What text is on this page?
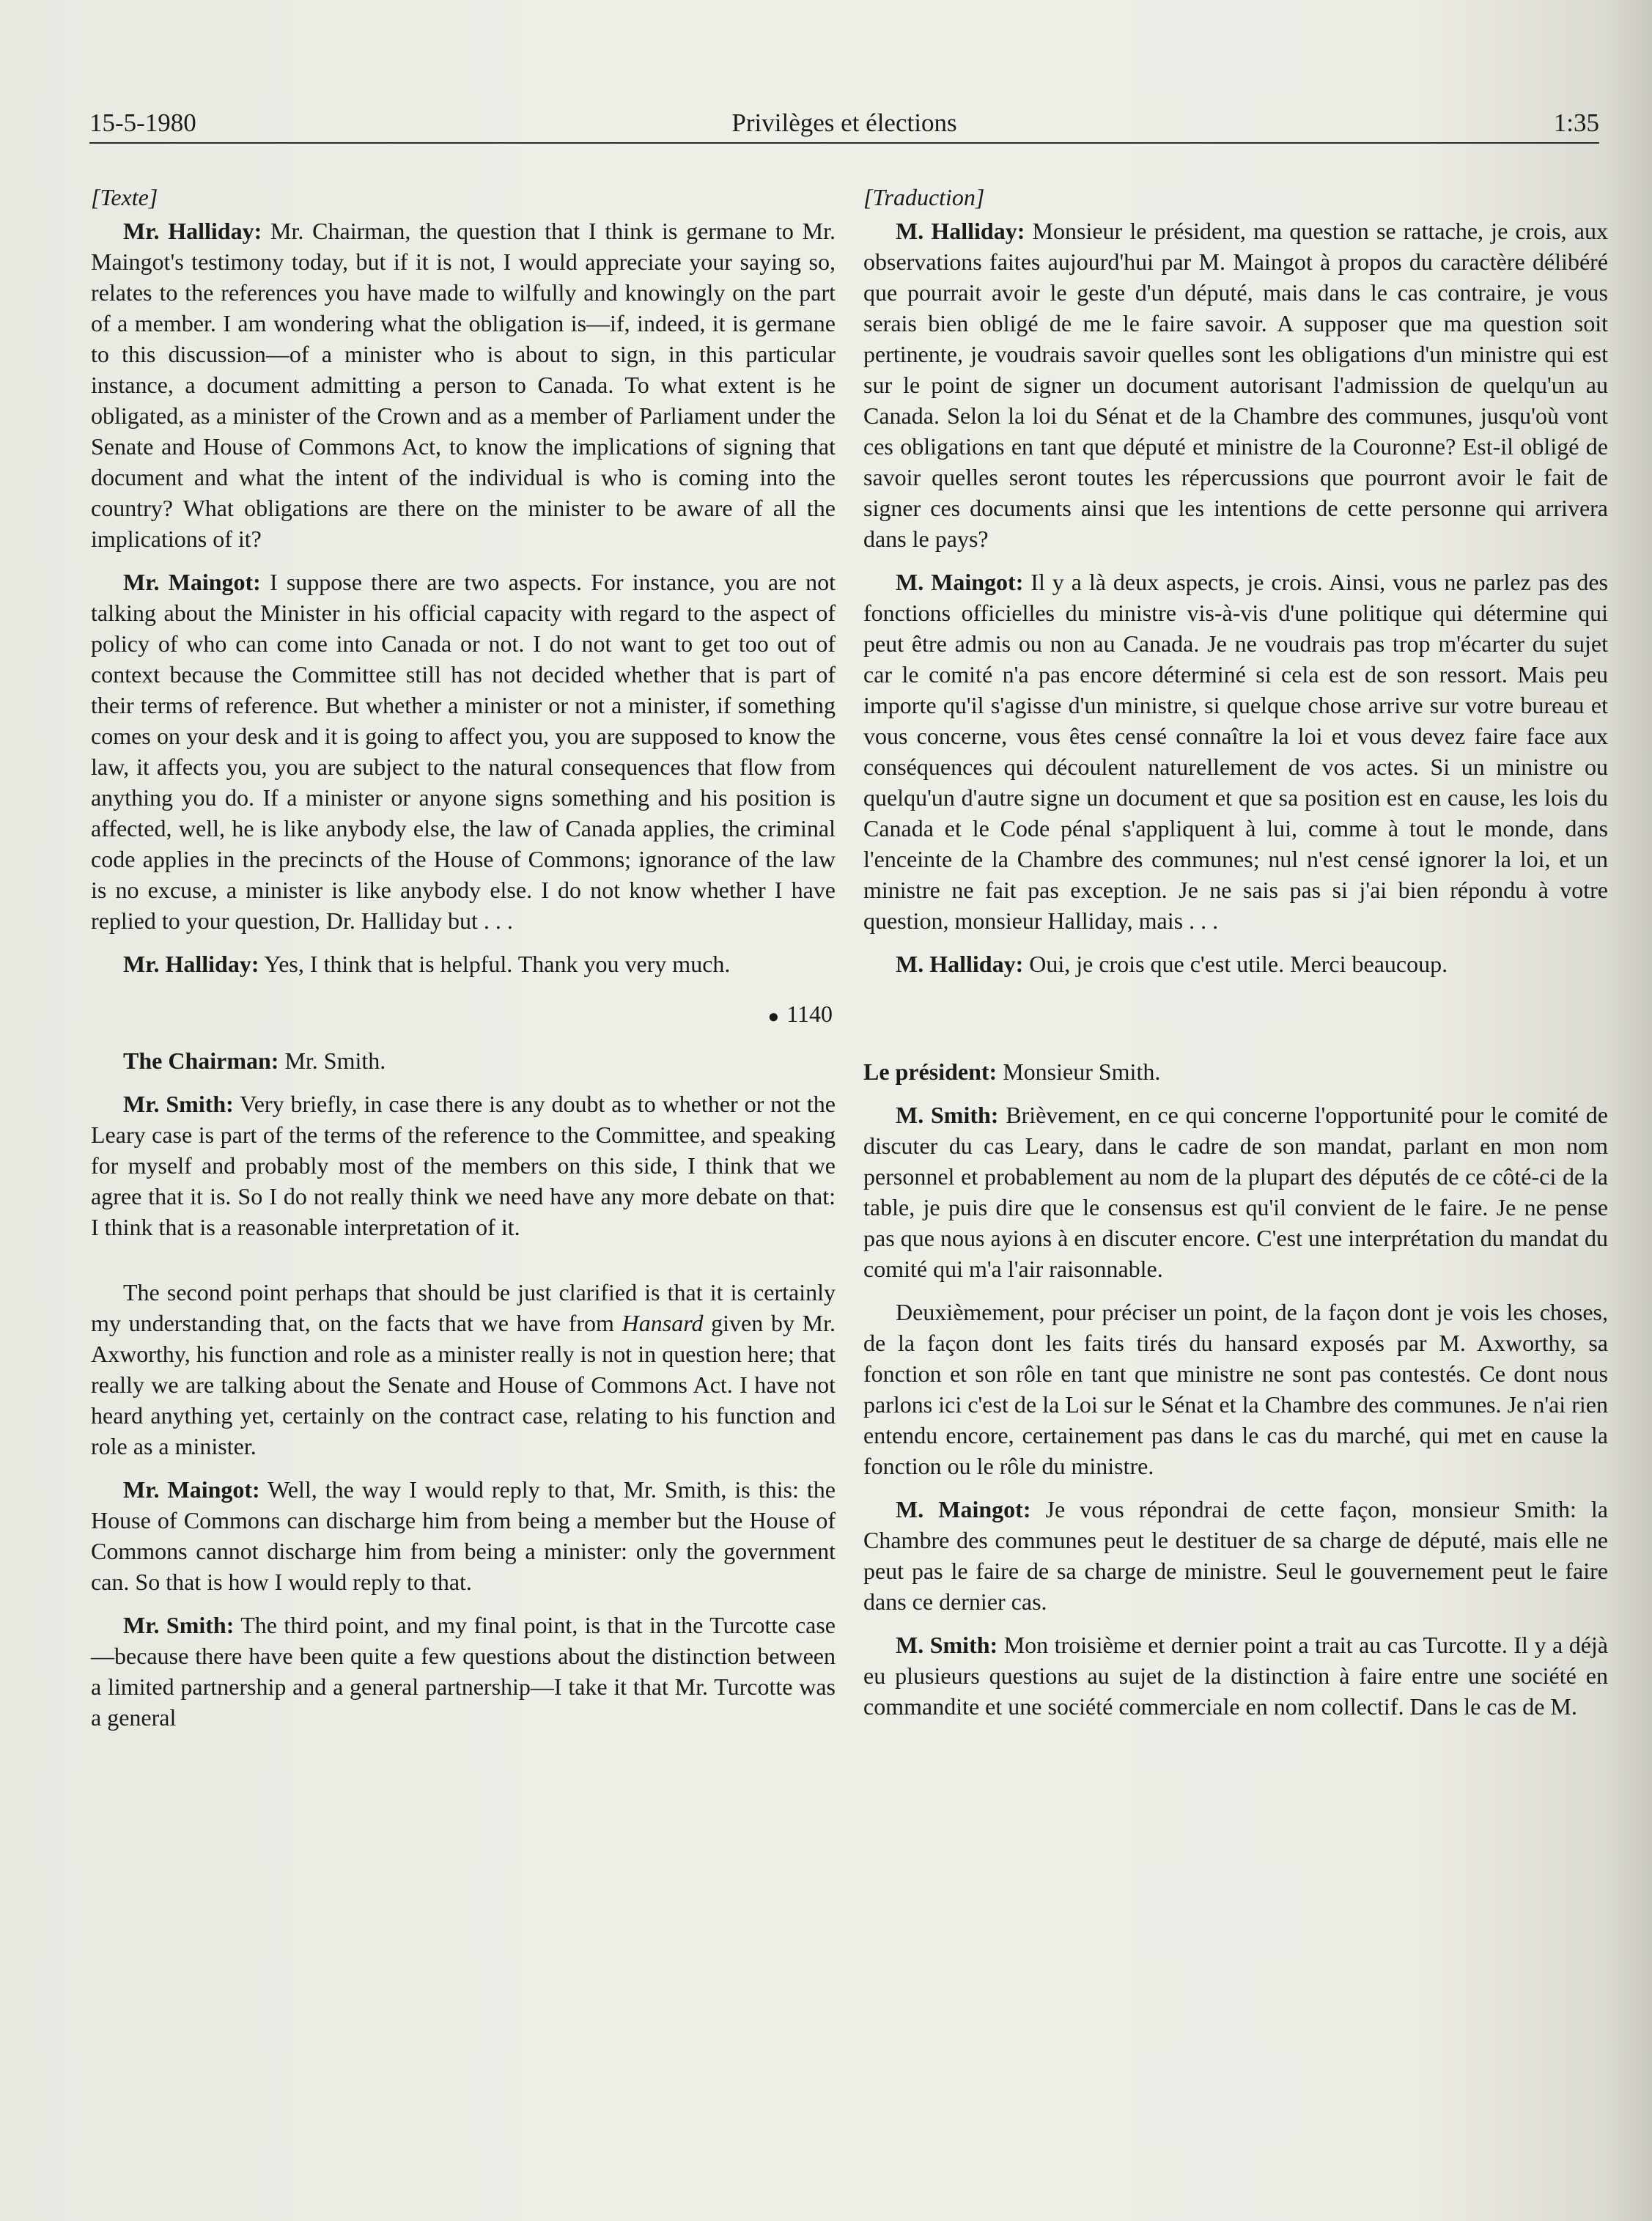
15-5-1980	Privilèges et élections	1:35
[Texte]

Mr. Halliday: Mr. Chairman, the question that I think is germane to Mr. Maingot's testimony today, but if it is not, I would appreciate your saying so, relates to the references you have made to wilfully and knowingly on the part of a member. I am wondering what the obligation is—if, indeed, it is germane to this discussion—of a minister who is about to sign, in this particular instance, a document admitting a person to Canada. To what extent is he obligated, as a minister of the Crown and as a member of Parliament under the Senate and House of Commons Act, to know the implications of signing that document and what the intent of the individual is who is coming into the country? What obligations are there on the minister to be aware of all the implications of it?

Mr. Maingot: I suppose there are two aspects. For instance, you are not talking about the Minister in his official capacity with regard to the aspect of policy of who can come into Canada or not. I do not want to get too out of context because the Committee still has not decided whether that is part of their terms of reference. But whether a minister or not a minister, if something comes on your desk and it is going to affect you, you are supposed to know the law, it affects you, you are subject to the natural consequences that flow from anything you do. If a minister or anyone signs something and his position is affected, well, he is like anybody else, the law of Canada applies, the criminal code applies in the precincts of the House of Commons; ignorance of the law is no excuse, a minister is like anybody else. I do not know whether I have replied to your question, Dr. Halliday but . . .

Mr. Halliday: Yes, I think that is helpful. Thank you very much.

● 1140

The Chairman: Mr. Smith.

Mr. Smith: Very briefly, in case there is any doubt as to whether or not the Leary case is part of the terms of the reference to the Committee, and speaking for myself and probably most of the members on this side, I think that we agree that it is. So I do not really think we need have any more debate on that: I think that is a reasonable interpretation of it.

The second point perhaps that should be just clarified is that it is certainly my understanding that, on the facts that we have from Hansard given by Mr. Axworthy, his function and role as a minister really is not in question here; that really we are talking about the Senate and House of Commons Act. I have not heard anything yet, certainly on the contract case, relating to his function and role as a minister.

Mr. Maingot: Well, the way I would reply to that, Mr. Smith, is this: the House of Commons can discharge him from being a member but the House of Commons cannot discharge him from being a minister: only the government can. So that is how I would reply to that.

Mr. Smith: The third point, and my final point, is that in the Turcotte case—because there have been quite a few questions about the distinction between a limited partnership and a general partnership—I take it that Mr. Turcotte was a general

[Traduction]

M. Halliday: Monsieur le président, ma question se rattache, je crois, aux observations faites aujourd'hui par M. Maingot à propos du caractère délibéré que pourrait avoir le geste d'un député, mais dans le cas contraire, je vous serais bien obligé de me le faire savoir. A supposer que ma question soit pertinente, je voudrais savoir quelles sont les obligations d'un ministre qui est sur le point de signer un document autorisant l'admission de quelqu'un au Canada. Selon la loi du Sénat et de la Chambre des communes, jusqu'où vont ces obligations en tant que député et ministre de la Couronne? Est-il obligé de savoir quelles seront toutes les répercussions que pourront avoir le fait de signer ces documents ainsi que les intentions de cette personne qui arrivera dans le pays?

M. Maingot: Il y a là deux aspects, je crois. Ainsi, vous ne parlez pas des fonctions officielles du ministre vis-à-vis d'une politique qui détermine qui peut être admis ou non au Canada. Je ne voudrais pas trop m'écarter du sujet car le comité n'a pas encore déterminé si cela est de son ressort. Mais peu importe qu'il s'agisse d'un ministre, si quelque chose arrive sur votre bureau et vous concerne, vous êtes censé connaître la loi et vous devez faire face aux conséquences qui découlent naturellement de vos actes. Si un ministre ou quelqu'un d'autre signe un document et que sa position est en cause, les lois du Canada et le Code pénal s'appliquent à lui, comme à tout le monde, dans l'enceinte de la Chambre des communes; nul n'est censé ignorer la loi, et un ministre ne fait pas exception. Je ne sais pas si j'ai bien répondu à votre question, monsieur Halliday, mais . . .

M. Halliday: Oui, je crois que c'est utile. Merci beaucoup.

Le président: Monsieur Smith.

M. Smith: Brièvement, en ce qui concerne l'opportunité pour le comité de discuter du cas Leary, dans le cadre de son mandat, parlant en mon nom personnel et probablement au nom de la plupart des députés de ce côté-ci de la table, je puis dire que le consensus est qu'il convient de le faire. Je ne pense pas que nous ayions à en discuter encore. C'est une interprétation du mandat du comité qui m'a l'air raisonnable.

Deuxièmement, pour préciser un point, de la façon dont je vois les choses, de la façon dont les faits tirés du hansard exposés par M. Axworthy, sa fonction et son rôle en tant que ministre ne sont pas contestés. Ce dont nous parlons ici c'est de la Loi sur le Sénat et la Chambre des communes. Je n'ai rien entendu encore, certainement pas dans le cas du marché, qui met en cause la fonction ou le rôle du ministre.

M. Maingot: Je vous répondrai de cette façon, monsieur Smith: la Chambre des communes peut le destituer de sa charge de député, mais elle ne peut pas le faire de sa charge de ministre. Seul le gouvernement peut le faire dans ce dernier cas.

M. Smith: Mon troisième et dernier point a trait au cas Turcotte. Il y a déjà eu plusieurs questions au sujet de la distinction à faire entre une société en commandite et une société commerciale en nom collectif. Dans le cas de M.
